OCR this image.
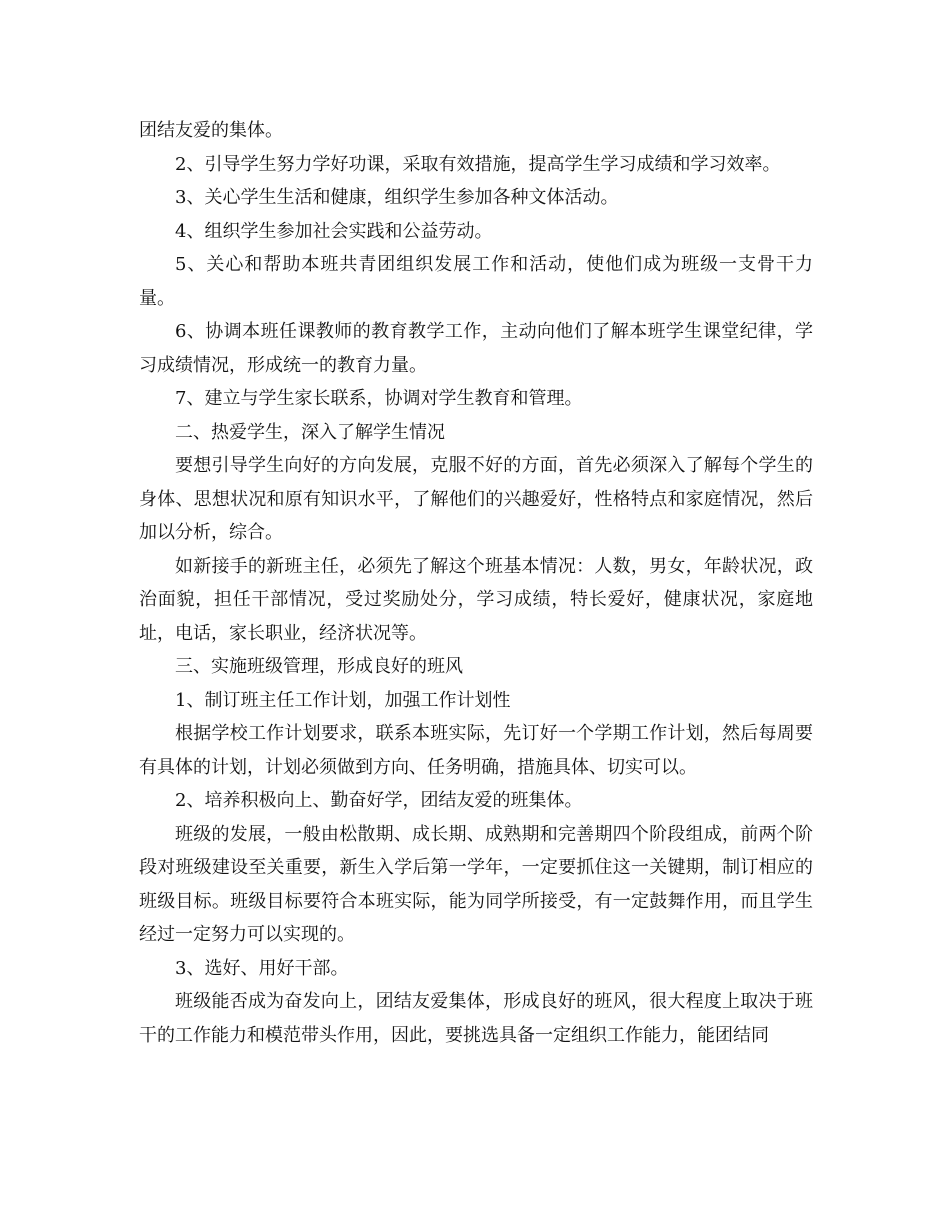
团结友爱的集体。

2、引导学生努力学好功课，采取有效措施，提高学生学习成绩和学习效率。

3、关心学生生活和健康，组织学生参加各种文体活动。

4、组织学生参加社会实践和公益劳动。

5、关心和帮助本班共青团组织发展工作和活动，使他们成为班级一支骨干力量。

6、协调本班任课教师的教育教学工作，主动向他们了解本班学生课堂纪律，学习成绩情况，形成统一的教育力量。

7、建立与学生家长联系，协调对学生教育和管理。

二、热爱学生，深入了解学生情况

要想引导学生向好的方向发展，克服不好的方面，首先必须深入了解每个学生的身体、思想状况和原有知识水平，了解他们的兴趣爱好，性格特点和家庭情况，然后加以分析，综合。

如新接手的新班主任，必须先了解这个班基本情况：人数，男女，年龄状况，政治面貌，担任干部情况，受过奖励处分，学习成绩，特长爱好，健康状况，家庭地址，电话，家长职业，经济状况等。

三、实施班级管理，形成良好的班风

1、制订班主任工作计划，加强工作计划性

根据学校工作计划要求，联系本班实际，先订好一个学期工作计划，然后每周要有具体的计划，计划必须做到方向、任务明确，措施具体、切实可以。

2、培养积极向上、勤奋好学，团结友爱的班集体。

班级的发展，一般由松散期、成长期、成熟期和完善期四个阶段组成，前两个阶段对班级建设至关重要，新生入学后第一学年，一定要抓住这一关键期，制订相应的班级目标。班级目标要符合本班实际，能为同学所接受，有一定鼓舞作用，而且学生经过一定努力可以实现的。

3、选好、用好干部。

班级能否成为奋发向上，团结友爱集体，形成良好的班风，很大程度上取决于班干的工作能力和模范带头作用，因此，要挑选具备一定组织工作能力，能团结同
